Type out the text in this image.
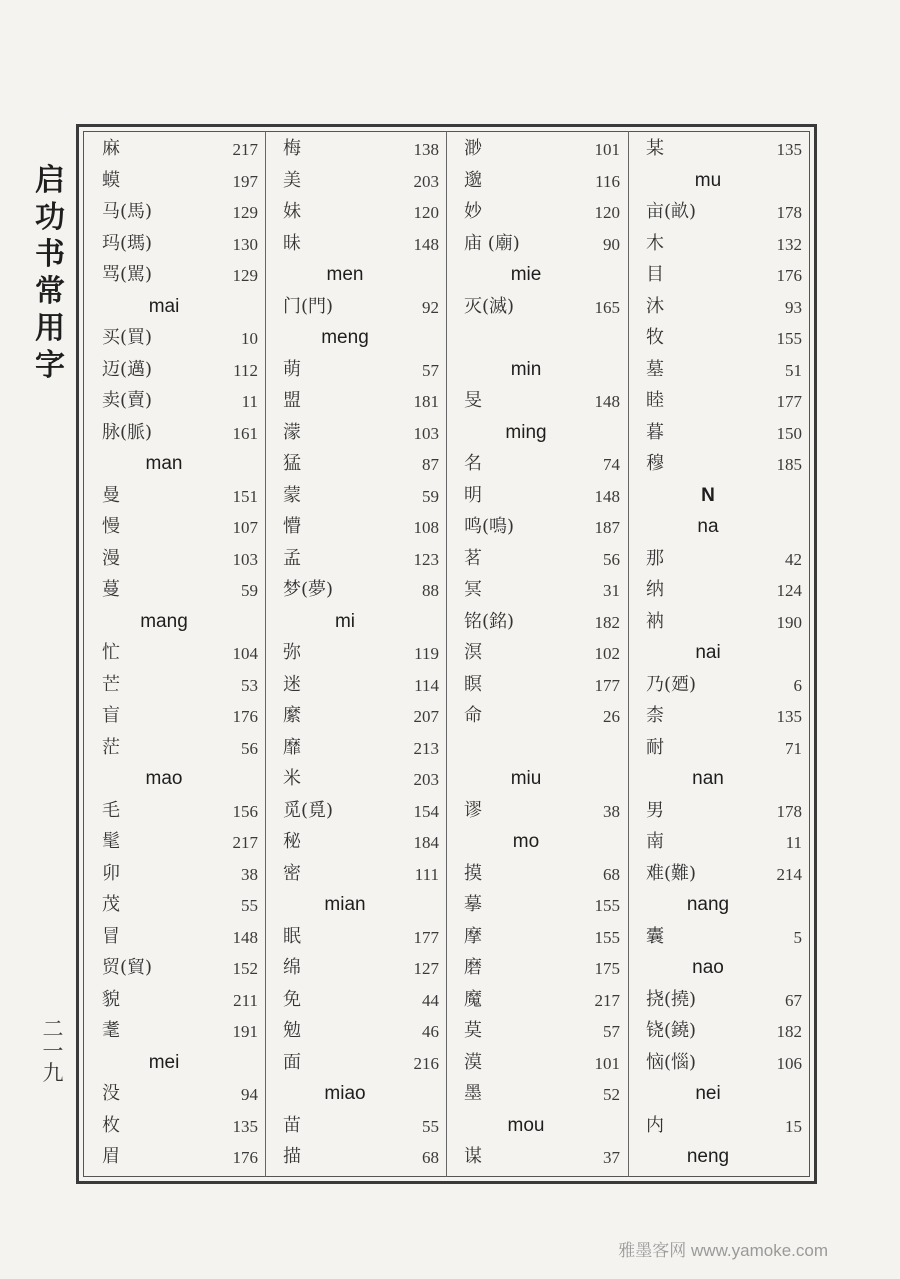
启
功
书
常
用
字
二
一
九
麻	217
蟆	197
马(馬)	129
玛(瑪)	130
骂(駡)	129
mai
买(買)	10
迈(邁)	112
卖(賣)	11
脉(脈)	161
man
曼	151
慢	107
漫	103
蔓	59
mang
忙	104
芒	53
盲	176
茫	56
mao
毛	156
髦	217
卯	38
茂	55
冒	148
贸(貿)	152
貌	211
耄	191
mei
没	94
枚	135
眉	176
梅	138
美	203
妹	120
昧	148
men
门(門)	92
meng
萌	57
盟	181
濛	103
猛	87
蒙	59
懵	108
孟	123
梦(夢)	88
mi
弥	119
迷	114
縻	207
靡	213
米	203
觅(覓)	154
秘	184
密	111
mian
眠	177
绵	127
免	44
勉	46
面	216
miao
苗	55
描	68
渺	101
邈	116
妙	120
庙 (廟)	90
mie
灭(滅)	165
min
旻	148
ming
名	74
明	148
鸣(鳴)	187
茗	56
冥	31
铭(銘)	182
溟	102
瞑	177
命	26
miu
谬	38
mo
摸	68
摹	155
摩	155
磨	175
魔	217
莫	57
漠	101
墨	52
mou
谋	37
某	135
mu
亩(畝)	178
木	132
目	176
沐	93
牧	155
墓	51
睦	177
暮	150
穆	185
N
na
那	42
纳	124
衲	190
nai
乃(廼)	6
柰	135
耐	71
nan
男	178
南	11
难(難)	214
nang
囊	5
nao
挠(撓)	67
铙(鐃)	182
恼(惱)	106
nei
内	15
neng
雅墨客网 www.yamoke.com
